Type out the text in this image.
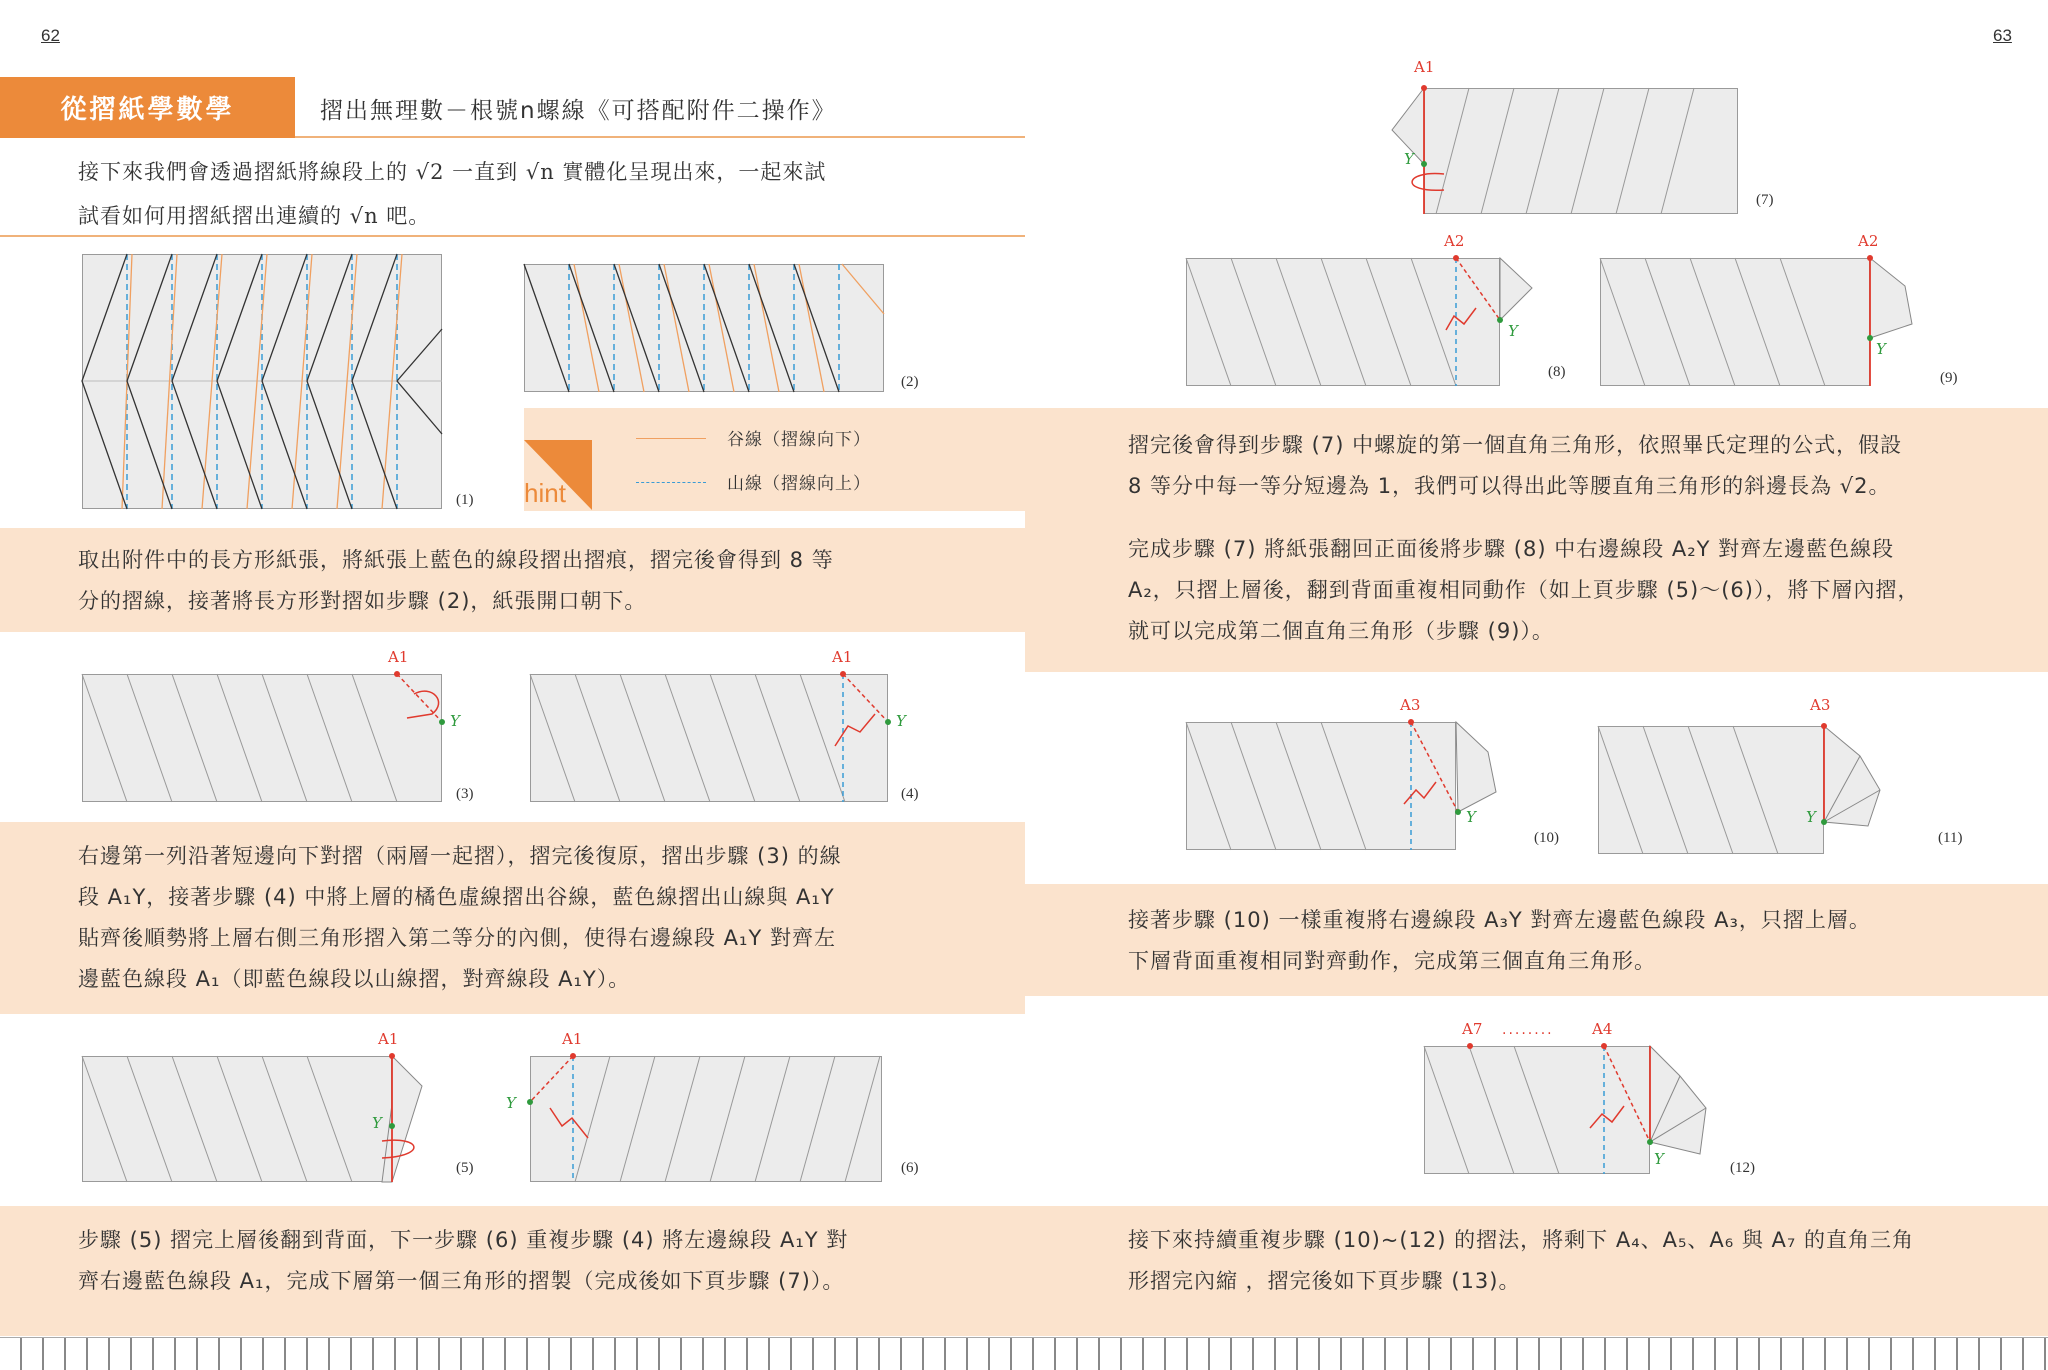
62	63
從摺紙學數學	摺出無理數－根號n螺線《可搭配附件二操作》
接下來我們會透過摺紙將線段上的 √2 一直到 √n 實體化呈現出來，一起來試
試看如何用摺紙摺出連續的 √n 吧。
(1)
(2)
hint
谷線（摺線向下）
山線（摺線向上）
取出附件中的長方形紙張，將紙張上藍色的線段摺出摺痕，摺完後會得到 8 等
分的摺線，接著將長方形對摺如步驟 (2)，紙張開口朝下。
A1
Y
(3)
A1
Y
(4)
右邊第一列沿著短邊向下對摺（兩層一起摺），摺完後復原，摺出步驟 (3) 的線
段 A₁Y，接著步驟 (4) 中將上層的橘色虛線摺出谷線，藍色線摺出山線與 A₁Y
貼齊後順勢將上層右側三角形摺入第二等分的內側，使得右邊線段 A₁Y 對齊左
邊藍色線段 A₁（即藍色線段以山線摺，對齊線段 A₁Y）。
A1
Y
(5)
A1
Y
(6)
步驟 (5) 摺完上層後翻到背面，下一步驟 (6) 重複步驟 (4) 將左邊線段 A₁Y 對
齊右邊藍色線段 A₁，完成下層第一個三角形的摺製（完成後如下頁步驟 (7)）。
A1
Y
(7)
A2
Y
(8)
A2
Y
(9)
摺完後會得到步驟 (7) 中螺旋的第一個直角三角形，依照畢氏定理的公式，假設
8 等分中每一等分短邊為 1，我們可以得出此等腰直角三角形的斜邊長為 √2。
完成步驟 (7) 將紙張翻回正面後將步驟 (8) 中右邊線段 A₂Y 對齊左邊藍色線段
A₂，只摺上層後，翻到背面重複相同動作（如上頁步驟 (5)～(6)），將下層內摺，
就可以完成第二個直角三角形（步驟 (9)）。
A3
Y
(10)
A3
Y
(11)
接著步驟 (10) 一樣重複將右邊線段 A₃Y 對齊左邊藍色線段 A₃，只摺上層。
下層背面重複相同對齊動作，完成第三個直角三角形。
A7 ........	A4
Y	(12)
接下來持續重複步驟 (10)~(12) 的摺法，將剩下 A₄、A₅、A₆ 與 A₇ 的直角三角
形摺完內縮 ，摺完後如下頁步驟 (13)。
